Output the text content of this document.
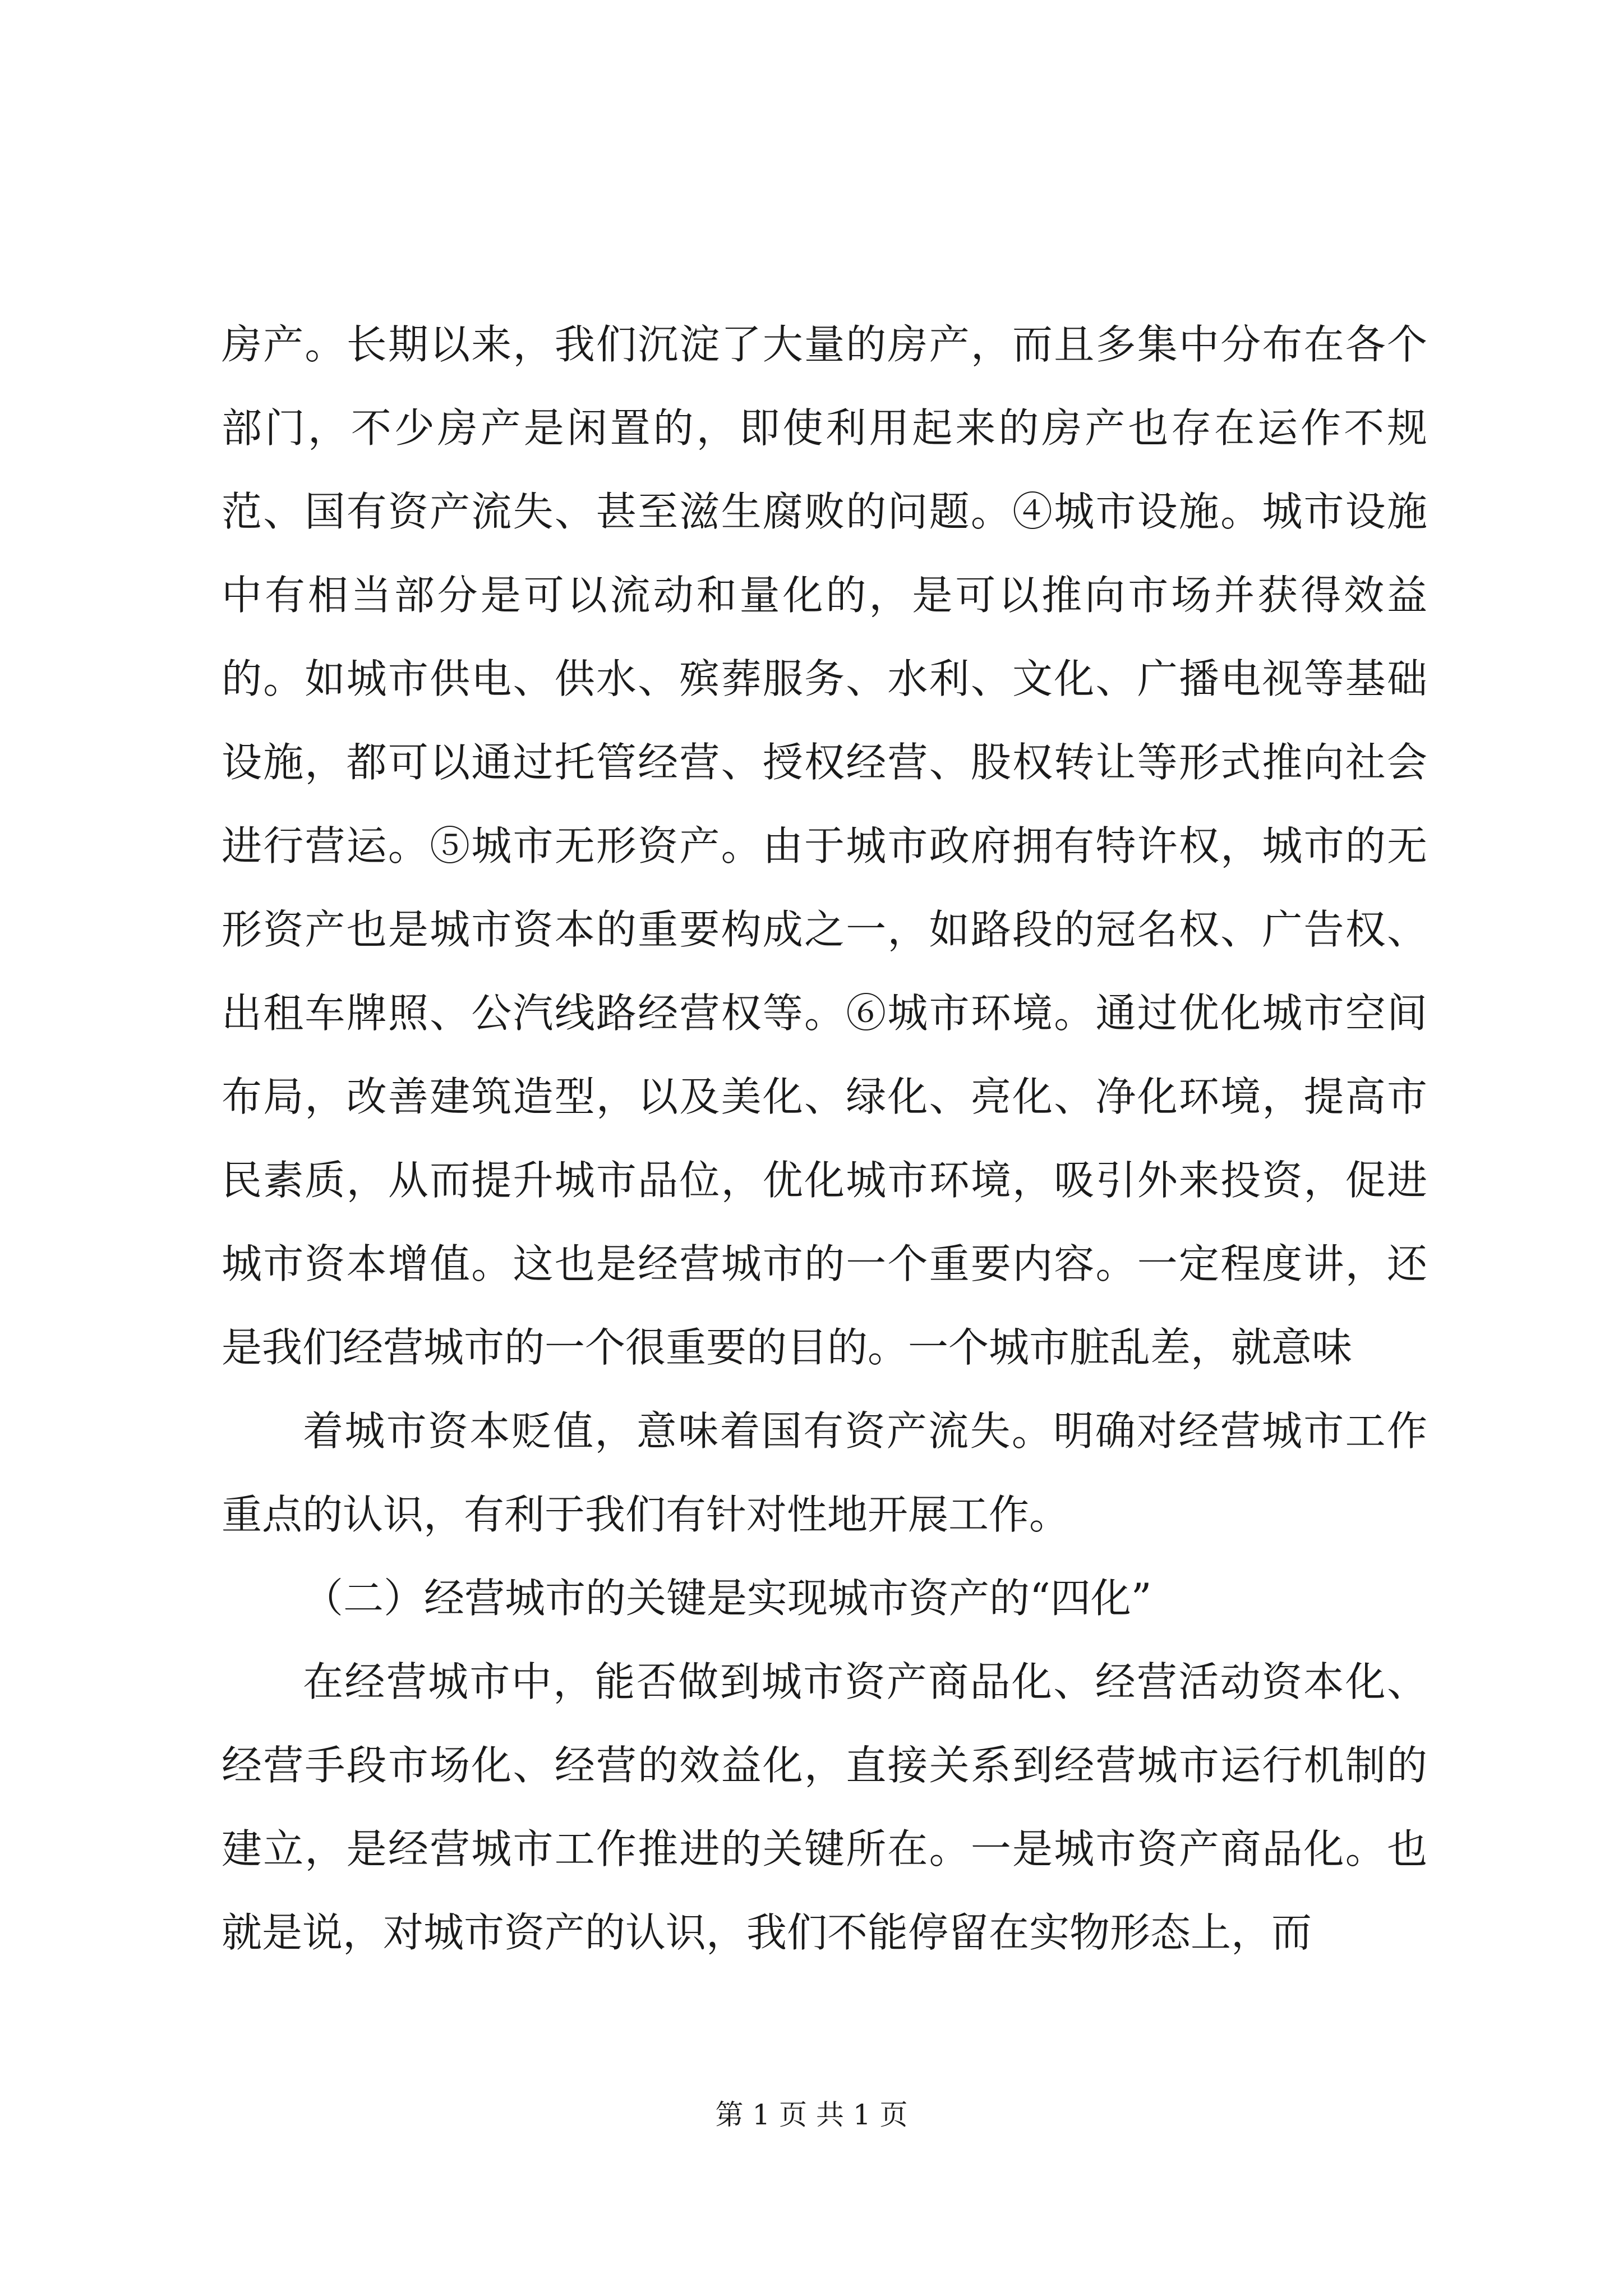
房产。长期以来，我们沉淀了大量的房产，而且多集中分布在各个部门，不少房产是闲置的，即使利用起来的房产也存在运作不规范、国有资产流失、甚至滋生腐败的问题。④城市设施。城市设施中有相当部分是可以流动和量化的，是可以推向市场并获得效益的。如城市供电、供水、殡葬服务、水利、文化、广播电视等基础设施，都可以通过托管经营、授权经营、股权转让等形式推向社会进行营运。⑤城市无形资产。由于城市政府拥有特许权，城市的无形资产也是城市资本的重要构成之一，如路段的冠名权、广告权、出租车牌照、公汽线路经营权等。⑥城市环境。通过优化城市空间布局，改善建筑造型，以及美化、绿化、亮化、净化环境，提高市民素质，从而提升城市品位，优化城市环境，吸引外来投资，促进城市资本增值。这也是经营城市的一个重要内容。一定程度讲，还是我们经营城市的一个很重要的目的。一个城市脏乱差，就意味

着城市资本贬值，意味着国有资产流失。明确对经营城市工作重点的认识，有利于我们有针对性地开展工作。

（二）经营城市的关键是实现城市资产的“四化”

在经营城市中，能否做到城市资产商品化、经营活动资本化、经营手段市场化、经营的效益化，直接关系到经营城市运行机制的建立，是经营城市工作推进的关键所在。一是城市资产商品化。也就是说，对城市资产的认识，我们不能停留在实物形态上，而

第 1 页 共 1 页
